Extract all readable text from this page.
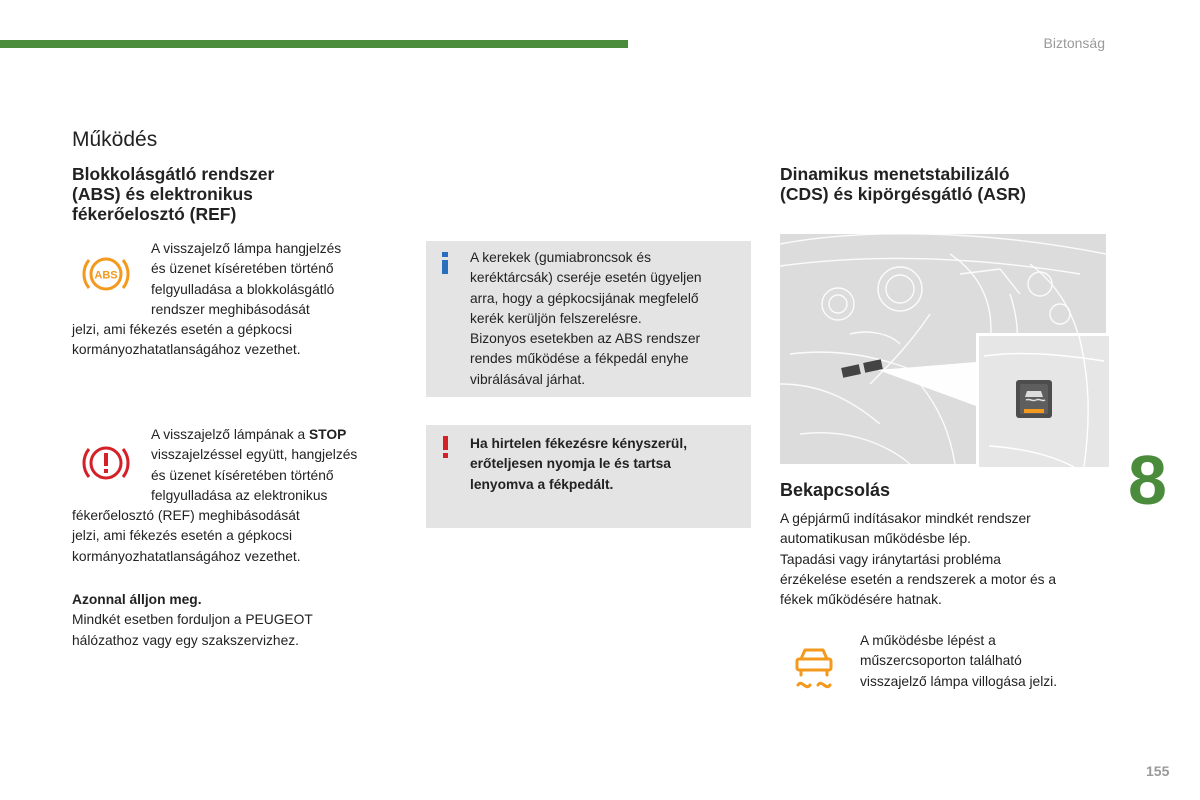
Biztonság
Működés

Blokkolásgátló rendszer

(ABS) és elektronikus

fékerőelosztó (REF)

ABS

A visszajelző lámpa hangjelzés

és üzenet kíséretében történő

felgyulladása a blokkolásgátló

rendszer meghibásodását

jelzi, ami fékezés esetén a gépkocsi

kormányozhatatlanságához vezethet.

A visszajelző lámpának a STOP

visszajelzéssel együtt, hangjelzés

és üzenet kíséretében történő

felgyulladása az elektronikus

fékerőelosztó (REF) meghibásodását

jelzi, ami fékezés esetén a gépkocsi

kormányozhatatlanságához vezethet.

Azonnal álljon meg.

Mindkét esetben forduljon a PEUGEOT

hálózathoz vagy egy szakszervizhez.

A kerekek (gumiabroncsok és

keréktárcsák) cseréje esetén ügyeljen

arra, hogy a gépkocsijának megfelelő

kerék kerüljön felszerelésre.

Bizonyos esetekben az ABS rendszer

rendes működése a fékpedál enyhe

vibrálásával járhat.

Ha hirtelen fékezésre kényszerül,

erőteljesen nyomja le és tartsa

lenyomva a fékpedált.

Dinamikus menetstabilizáló

(CDS) és kipörgésgátló (ASR)

Bekapcsolás

A gépjármű indításakor mindkét rendszer

automatikusan működésbe lép.

Tapadási vagy iránytartási probléma

érzékelése esetén a rendszerek a motor és a

fékek működésére hatnak.

A működésbe lépést a

műszercsoporton található

visszajelző lámpa villogása jelzi.

8
155
